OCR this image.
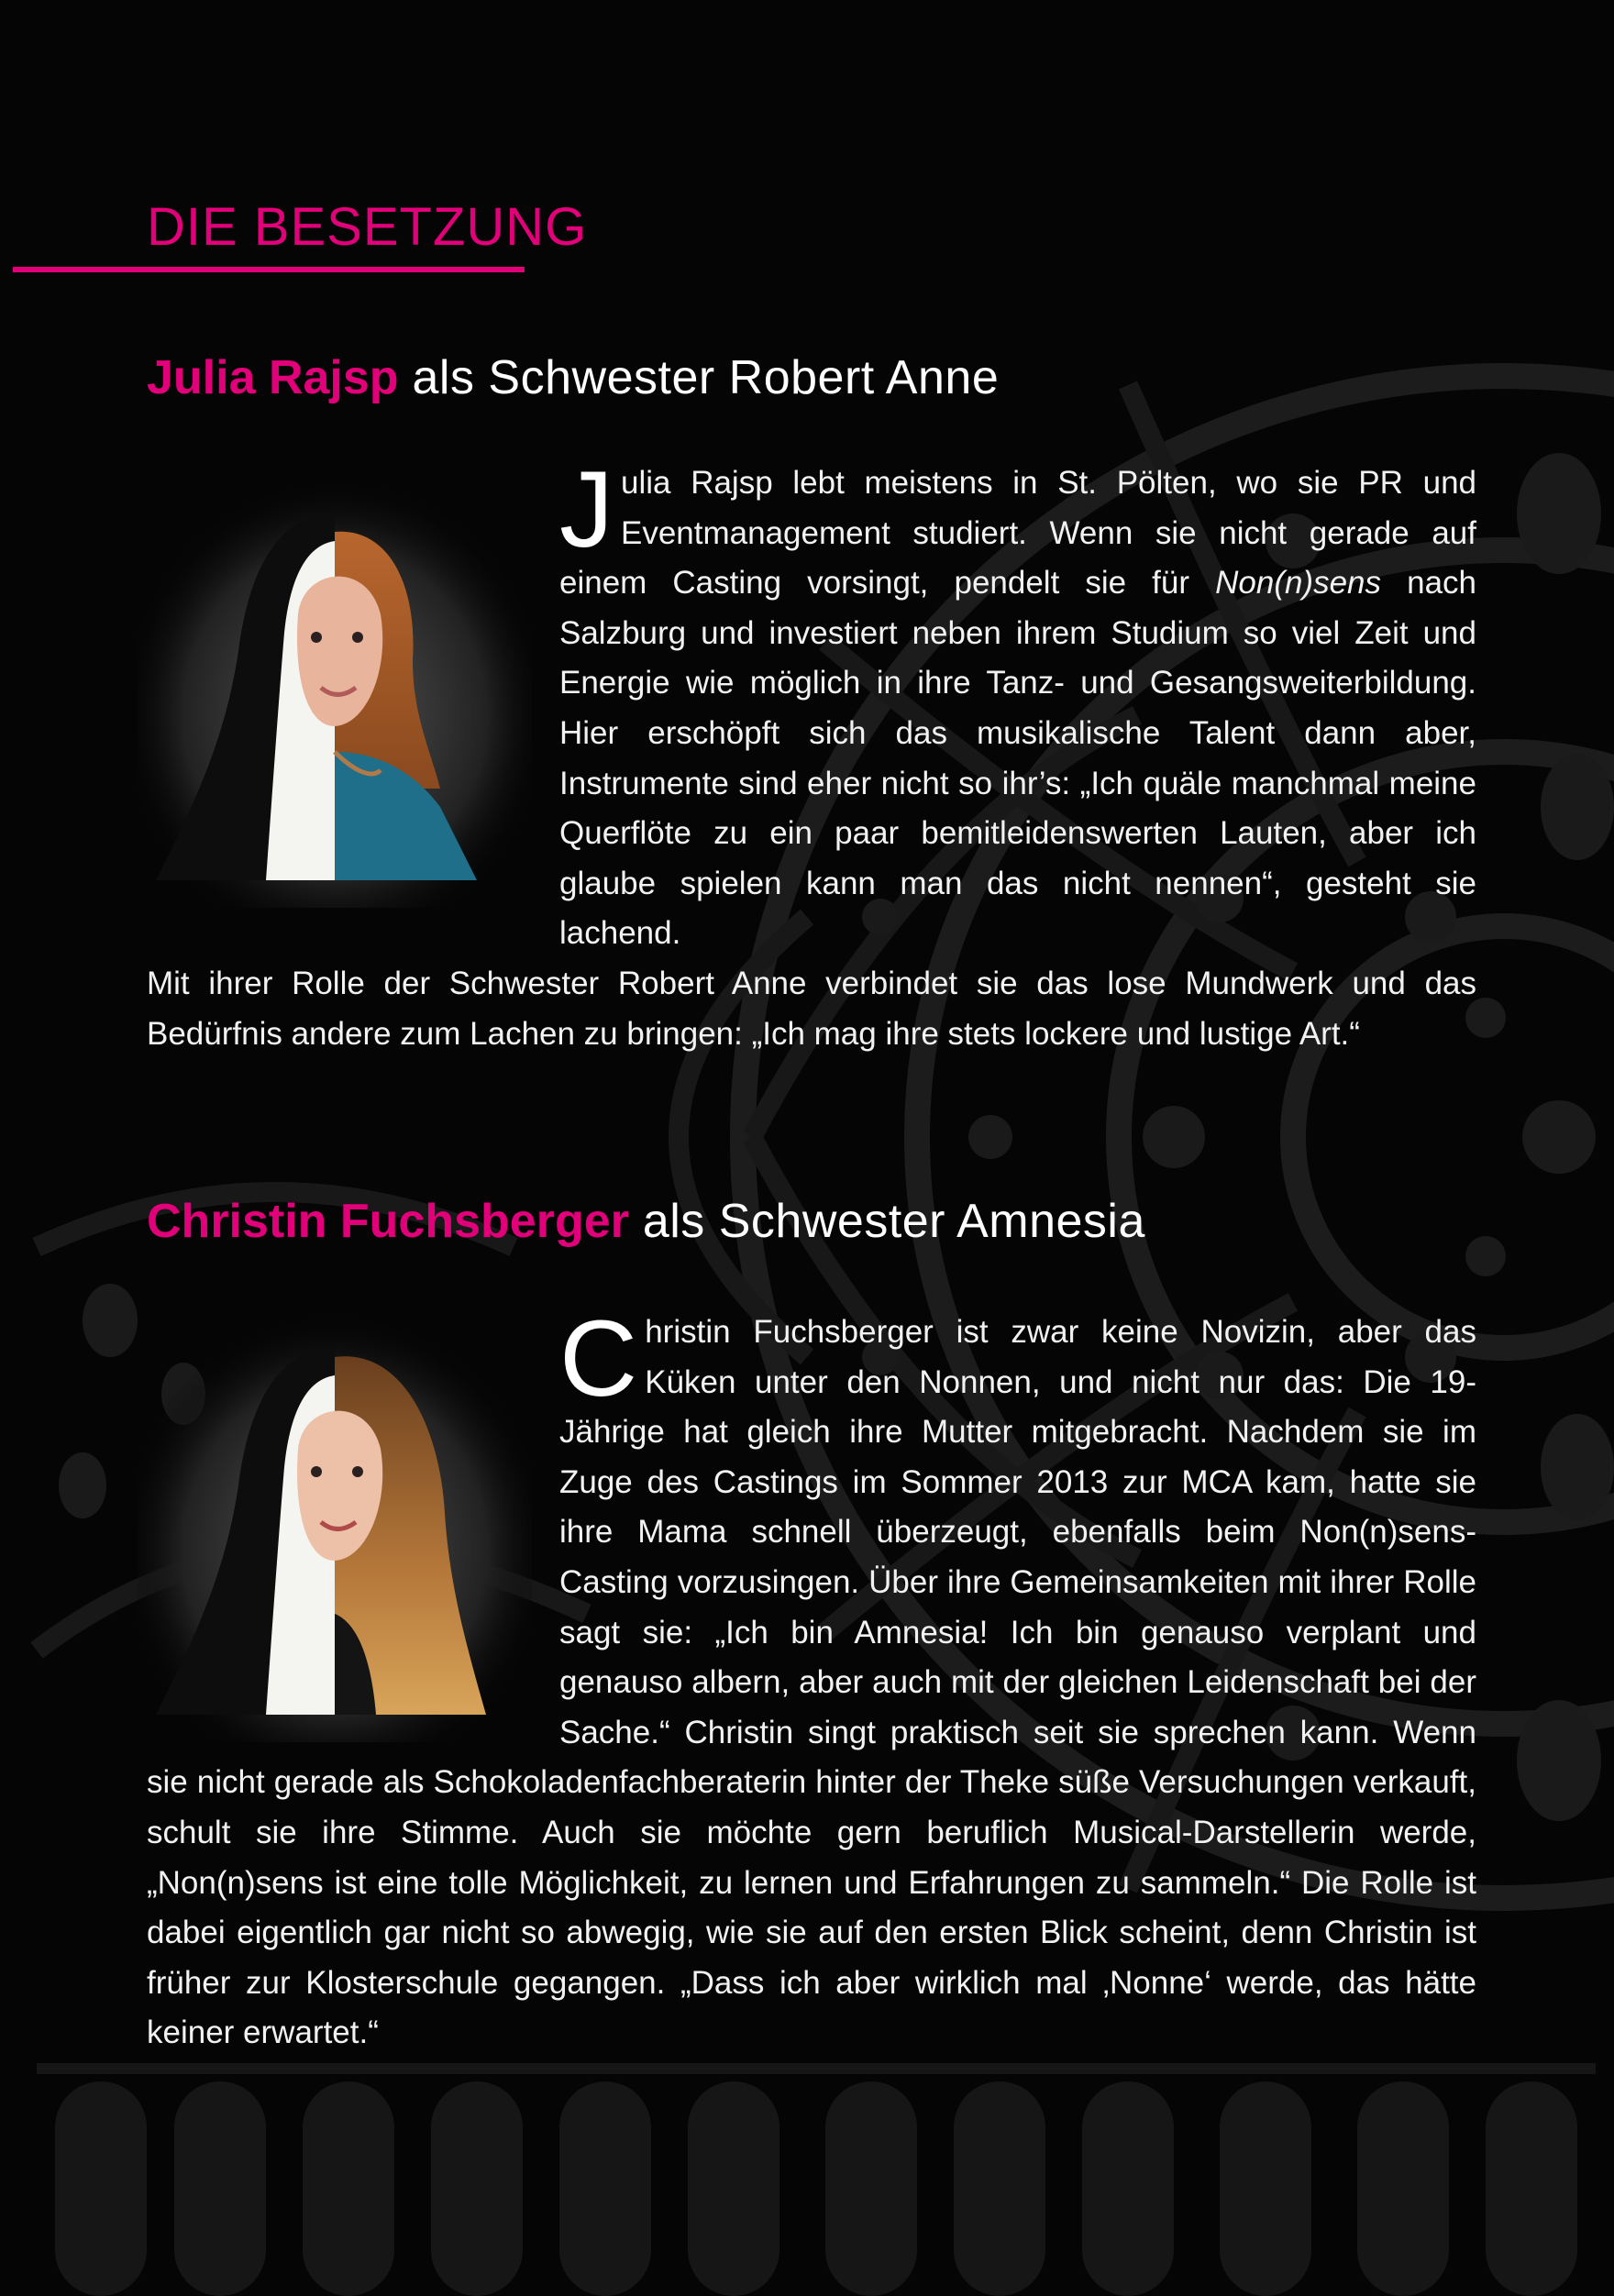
DIE BESETZUNG
Julia Rajsp als Schwester Robert Anne
J ulia Rajsp lebt meistens in St. Pölten, wo sie PR und Eventmanagement studiert. Wenn sie nicht gerade auf einem Casting vorsingt, pendelt sie für Non(n)sens nach Salzburg und investiert neben ihrem Studium so viel Zeit und Energie wie möglich in ihre Tanz- und Gesangsweiterbildung. Hier erschöpft sich das musikalische Talent dann aber, Instrumente sind eher nicht so ihr’s: „Ich quäle manchmal meine Querflöte zu ein paar bemitleidenswerten Lauten, aber ich glaube spielen kann man das nicht nennen“, gesteht sie lachend.
Mit ihrer Rolle der Schwester Robert Anne verbindet sie das lose Mundwerk und das Bedürfnis andere zum Lachen zu bringen: „Ich mag ihre stets lockere und lustige Art.“
Christin Fuchsberger als Schwester Amnesia
C hristin Fuchsberger ist zwar keine Novizin, aber das Küken unter den Nonnen, und nicht nur das: Die 19-Jährige hat gleich ihre Mutter mitgebracht. Nachdem sie im Zuge des Castings im Sommer 2013 zur MCA kam, hatte sie ihre Mama schnell überzeugt, ebenfalls beim Non(n)sens-Casting vorzusingen. Über ihre Gemeinsamkeiten mit ihrer Rolle sagt sie: „Ich bin Amnesia! Ich bin genauso verplant und genauso albern, aber auch mit der gleichen Leidenschaft bei der Sache.“ Christin singt praktisch seit sie sprechen kann. Wenn sie nicht gerade als Schokoladenfachberaterin hinter der Theke süße Versuchungen verkauft, schult sie ihre Stimme. Auch sie möchte gern beruflich Musical-Darstellerin werde, „Non(n)sens ist eine tolle Möglichkeit, zu lernen und Erfahrungen zu sammeln.“ Die Rolle ist dabei eigentlich gar nicht so abwegig, wie sie auf den ersten Blick scheint, denn Christin ist früher zur Klosterschule gegangen. „Dass ich aber wirklich mal ‚Nonne‘ werde, das hätte keiner erwartet.“
